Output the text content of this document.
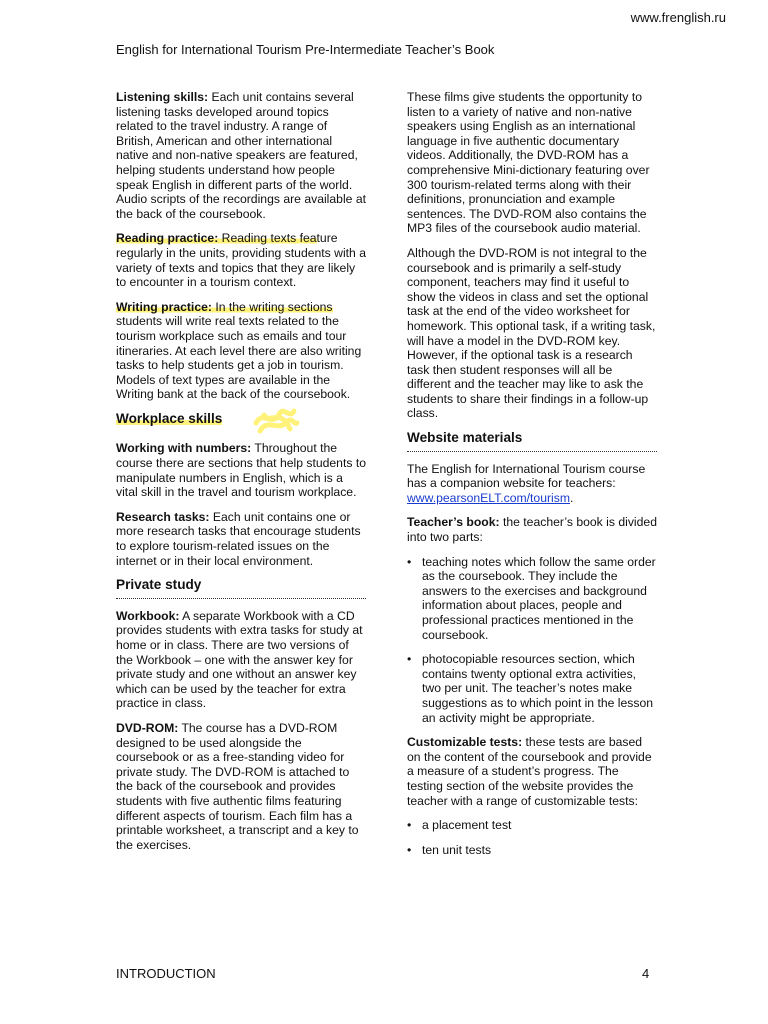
www.frenglish.ru
English for International Tourism Pre-Intermediate Teacher’s Book

Listening skills: Each unit contains several listening tasks developed around topics related to the travel industry. A range of British, American and other international native and non-native speakers are featured, helping students understand how people speak English in different parts of the world. Audio scripts of the recordings are available at the back of the coursebook.

Reading practice: Reading texts feature regularly in the units, providing students with a variety of texts and topics that they are likely to encounter in a tourism context.

Writing practice: In the writing sections students will write real texts related to the tourism workplace such as emails and tour itineraries. At each level there are also writing tasks to help students get a job in tourism. Models of text types are available in the Writing bank at the back of the coursebook.

Workplace skills

Working with numbers: Throughout the course there are sections that help students to manipulate numbers in English, which is a vital skill in the travel and tourism workplace.

Research tasks: Each unit contains one or more research tasks that encourage students to explore tourism-related issues on the internet or in their local environment.

Private study

Workbook: A separate Workbook with a CD provides students with extra tasks for study at home or in class. There are two versions of the Workbook – one with the answer key for private study and one without an answer key which can be used by the teacher for extra practice in class.

DVD-ROM: The course has a DVD-ROM designed to be used alongside the coursebook or as a free-standing video for private study. The DVD-ROM is attached to the back of the coursebook and provides students with five authentic films featuring different aspects of tourism. Each film has a printable worksheet, a transcript and a key to the exercises.

These films give students the opportunity to listen to a variety of native and non-native speakers using English as an international language in five authentic documentary videos. Additionally, the DVD-ROM has a comprehensive Mini-dictionary featuring over 300 tourism-related terms along with their definitions, pronunciation and example sentences. The DVD-ROM also contains the MP3 files of the coursebook audio material.

Although the DVD-ROM is not integral to the coursebook and is primarily a self-study component, teachers may find it useful to show the videos in class and set the optional task at the end of the video worksheet for homework. This optional task, if a writing task, will have a model in the DVD-ROM key. However, if the optional task is a research task then student responses will all be different and the teacher may like to ask the students to share their findings in a follow-up class.

Website materials

The English for International Tourism course has a companion website for teachers: www.pearsonELT.com/tourism.

Teacher’s book: the teacher’s book is divided into two parts:

• teaching notes which follow the same order as the coursebook. They include the answers to the exercises and background information about places, people and professional practices mentioned in the coursebook.
• photocopiable resources section, which contains twenty optional extra activities, two per unit. The teacher’s notes make suggestions as to which point in the lesson an activity might be appropriate.

Customizable tests: these tests are based on the content of the coursebook and provide a measure of a student’s progress. The testing section of the website provides the teacher with a range of customizable tests:

• a placement test
• ten unit tests
INTRODUCTION	4
